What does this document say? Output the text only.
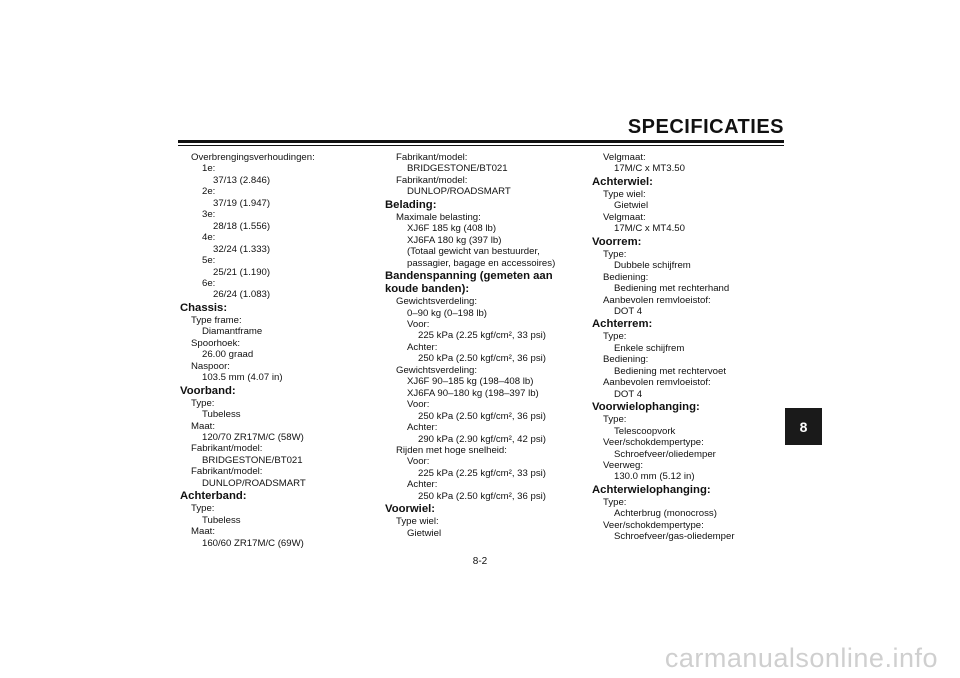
SPECIFICATIES
Overbrengingsverhoudingen:
1e:
37/13 (2.846)
2e:
37/19 (1.947)
3e:
28/18 (1.556)
4e:
32/24 (1.333)
5e:
25/21 (1.190)
6e:
26/24 (1.083)
Chassis:
Type frame:
Diamantframe
Spoorhoek:
26.00 graad
Naspoor:
103.5 mm (4.07 in)
Voorband:
Type:
Tubeless
Maat:
120/70 ZR17M/C (58W)
Fabrikant/model:
BRIDGESTONE/BT021
Fabrikant/model:
DUNLOP/ROADSMART
Achterband:
Type:
Tubeless
Maat:
160/60 ZR17M/C (69W)
Fabrikant/model:
BRIDGESTONE/BT021
Fabrikant/model:
DUNLOP/ROADSMART
Belading:
Maximale belasting:
XJ6F 185 kg (408 lb)
XJ6FA 180 kg (397 lb)
(Totaal gewicht van bestuurder, passagier, bagage en accessoires)
Bandenspanning (gemeten aan koude banden):
Gewichtsverdeling:
0–90 kg (0–198 lb)
Voor:
225 kPa (2.25 kgf/cm², 33 psi)
Achter:
250 kPa (2.50 kgf/cm², 36 psi)
Gewichtsverdeling:
XJ6F 90–185 kg (198–408 lb)
XJ6FA 90–180 kg (198–397 lb)
Voor:
250 kPa (2.50 kgf/cm², 36 psi)
Achter:
290 kPa (2.90 kgf/cm², 42 psi)
Rijden met hoge snelheid:
Voor:
225 kPa (2.25 kgf/cm², 33 psi)
Achter:
250 kPa (2.50 kgf/cm², 36 psi)
Voorwiel:
Type wiel:
Gietwiel
Velgmaat:
17M/C x MT3.50
Achterwiel:
Type wiel:
Gietwiel
Velgmaat:
17M/C x MT4.50
Voorrem:
Type:
Dubbele schijfrem
Bediening:
Bediening met rechterhand
Aanbevolen remvloeistof:
DOT 4
Achterrem:
Type:
Enkele schijfrem
Bediening:
Bediening met rechtervoet
Aanbevolen remvloeistof:
DOT 4
Voorwielophanging:
Type:
Telescoopvork
Veer/schokdempertype:
Schroefveer/oliedemper
Veerweg:
130.0 mm (5.12 in)
Achterwielophanging:
Type:
Achterbrug (monocross)
Veer/schokdempertype:
Schroefveer/gas-oliedemper
8
8-2
carmanualsonline.info
